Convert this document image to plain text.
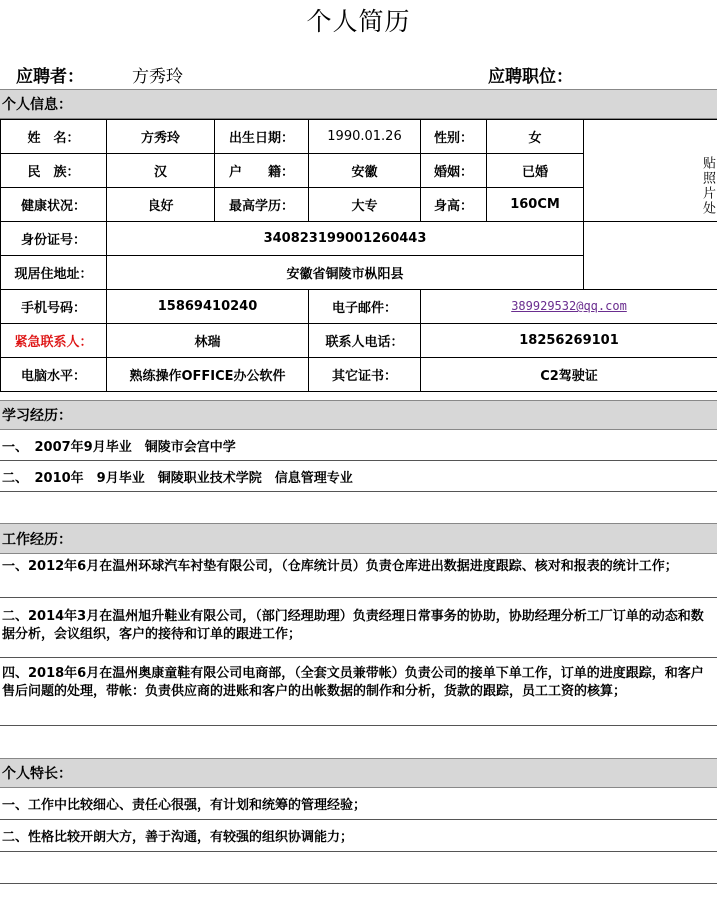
个人简历
应聘者：	方秀玲	应聘职位：
个人信息：
姓　名：	方秀玲	出生日期：	1990.01.26	性别：	女	贴照片处
民　族：	汉	户　　籍：	安徽	婚姻：	已婚	
健康状况：	良好	最高学历：	大专	身高：	160CM	
身份证号：	340823199001260443					
现居住地址：	安徽省铜陵市枞阳县					
手机号码：	15869410240		电子邮件：	389929532@qq.com		
紧急联系人：	林瑞		联系人电话：	18256269101		
电脑水平：	熟练操作OFFICE办公软件		其它证书：	C2驾驶证		
学习经历：
一、　2007年9月毕业　铜陵市会宫中学
二、　2010年　9月毕业　铜陵职业技术学院　信息管理专业
工作经历：
一、2012年6月在温州环球汽车衬垫有限公司，（仓库统计员）负责仓库进出数据进度跟踪、核对和报表的统计工作；
二、2014年3月在温州旭升鞋业有限公司，（部门经理助理）负责经理日常事务的协助，协助经理分析工厂订单的动态和数据分析，会议组织，客户的接待和订单的跟进工作；
四、2018年6月在温州奥康童鞋有限公司电商部，（全套文员兼带帐）负责公司的接单下单工作，订单的进度跟踪，和客户售后问题的处理，带帐：负责供应商的进账和客户的出帐数据的制作和分析，货款的跟踪，员工工资的核算；
个人特长：
一、工作中比较细心、责任心很强，有计划和统筹的管理经验；
二、性格比较开朗大方，善于沟通，有较强的组织协调能力；
